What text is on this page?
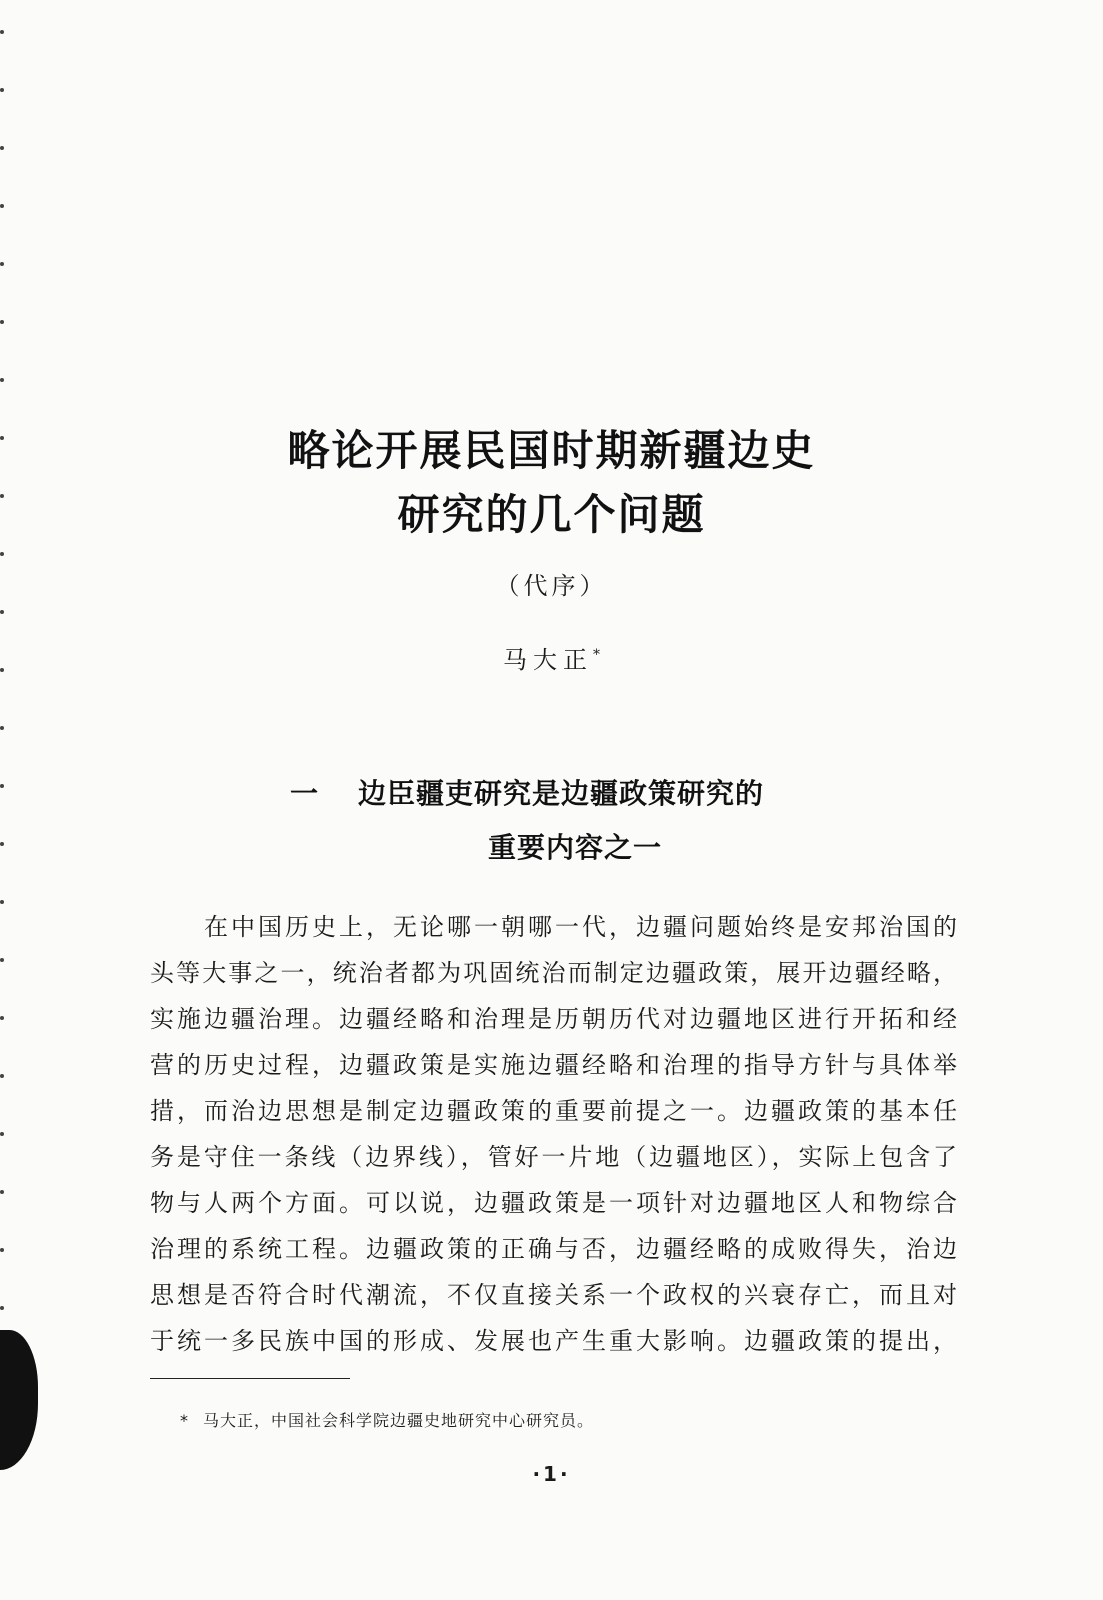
略论开展民国时期新疆边史
研究的几个问题
（代序）
马大正*
一 边臣疆吏研究是边疆政策研究的
重要内容之一
在中国历史上，无论哪一朝哪一代，边疆问题始终是安邦治国的
头等大事之一，统治者都为巩固统治而制定边疆政策，展开边疆经略，
实施边疆治理。边疆经略和治理是历朝历代对边疆地区进行开拓和经
营的历史过程，边疆政策是实施边疆经略和治理的指导方针与具体举
措，而治边思想是制定边疆政策的重要前提之一。边疆政策的基本任
务是守住一条线（边界线），管好一片地（边疆地区），实际上包含了
物与人两个方面。可以说，边疆政策是一项针对边疆地区人和物综合
治理的系统工程。边疆政策的正确与否，边疆经略的成败得失，治边
思想是否符合时代潮流，不仅直接关系一个政权的兴衰存亡，而且对
于统一多民族中国的形成、发展也产生重大影响。边疆政策的提出，
* 马大正，中国社会科学院边疆史地研究中心研究员。
·1·
